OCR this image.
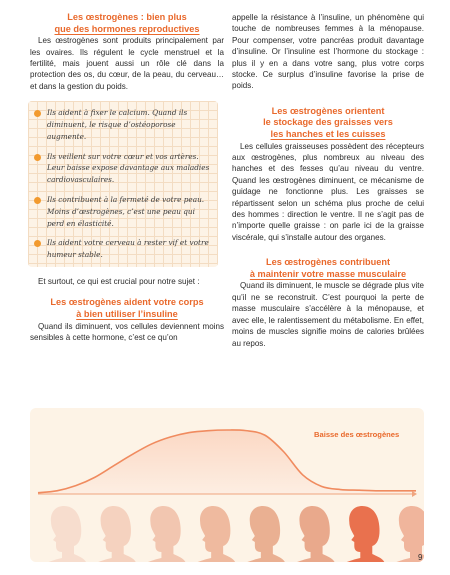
Les œstrogènes : bien plus
que des hormones reproductives

Les œstrogènes sont produits principalement par les ovaires. Ils régulent le cycle menstruel et la fertilité, mais jouent aussi un rôle clé dans la protection des os, du cœur, de la peau, du cerveau… et dans la gestion du poids.

Ils aident à fixer le calcium. Quand ils diminuent, le risque d’ostéoporose augmente.
Ils veillent sur votre cœur et vos artères. Leur baisse expose davantage aux maladies cardiovasculaires.
Ils contribuent à la fermeté de votre peau. Moins d’œstrogènes, c’est une peau qui perd en élasticité.
Ils aident votre cerveau à rester vif et votre humeur stable.

Et surtout, ce qui est crucial pour notre sujet :

Les œstrogènes aident votre corps
à bien utiliser l’insuline

Quand ils diminuent, vos cellules deviennent moins sensibles à cette hormone, c’est ce qu’on

appelle la résistance à l’insuline, un phénomène qui touche de nombreuses femmes à la ménopause. Pour compenser, votre pancréas produit davantage d’insuline. Or l’insuline est l’hormone du stockage : plus il y en a dans votre sang, plus votre corps stocke. Ce surplus d’insuline favorise la prise de poids.

Les œstrogènes orientent
le stockage des graisses vers
les hanches et les cuisses

Les cellules graisseuses possèdent des récepteurs aux œstrogènes, plus nombreux au niveau des hanches et des fesses qu’au niveau du ventre. Quand les œstrogènes diminuent, ce mécanisme de guidage ne fonctionne plus. Les graisses se répartissent selon un schéma plus proche de celui des hommes : direction le ventre. Il ne s’agit pas de n’importe quelle graisse : on parle ici de la graisse viscérale, qui s’installe autour des organes.

Les œstrogènes contribuent
à maintenir votre masse musculaire

Quand ils diminuent, le muscle se dégrade plus vite qu’il ne se reconstruit. C’est pourquoi la perte de masse musculaire s’accélère à la ménopause, et avec elle, le ralentissement du métabolisme. En effet, moins de muscles signifie moins de calories brûlées au repos.

Baisse des œstrogènes
9
